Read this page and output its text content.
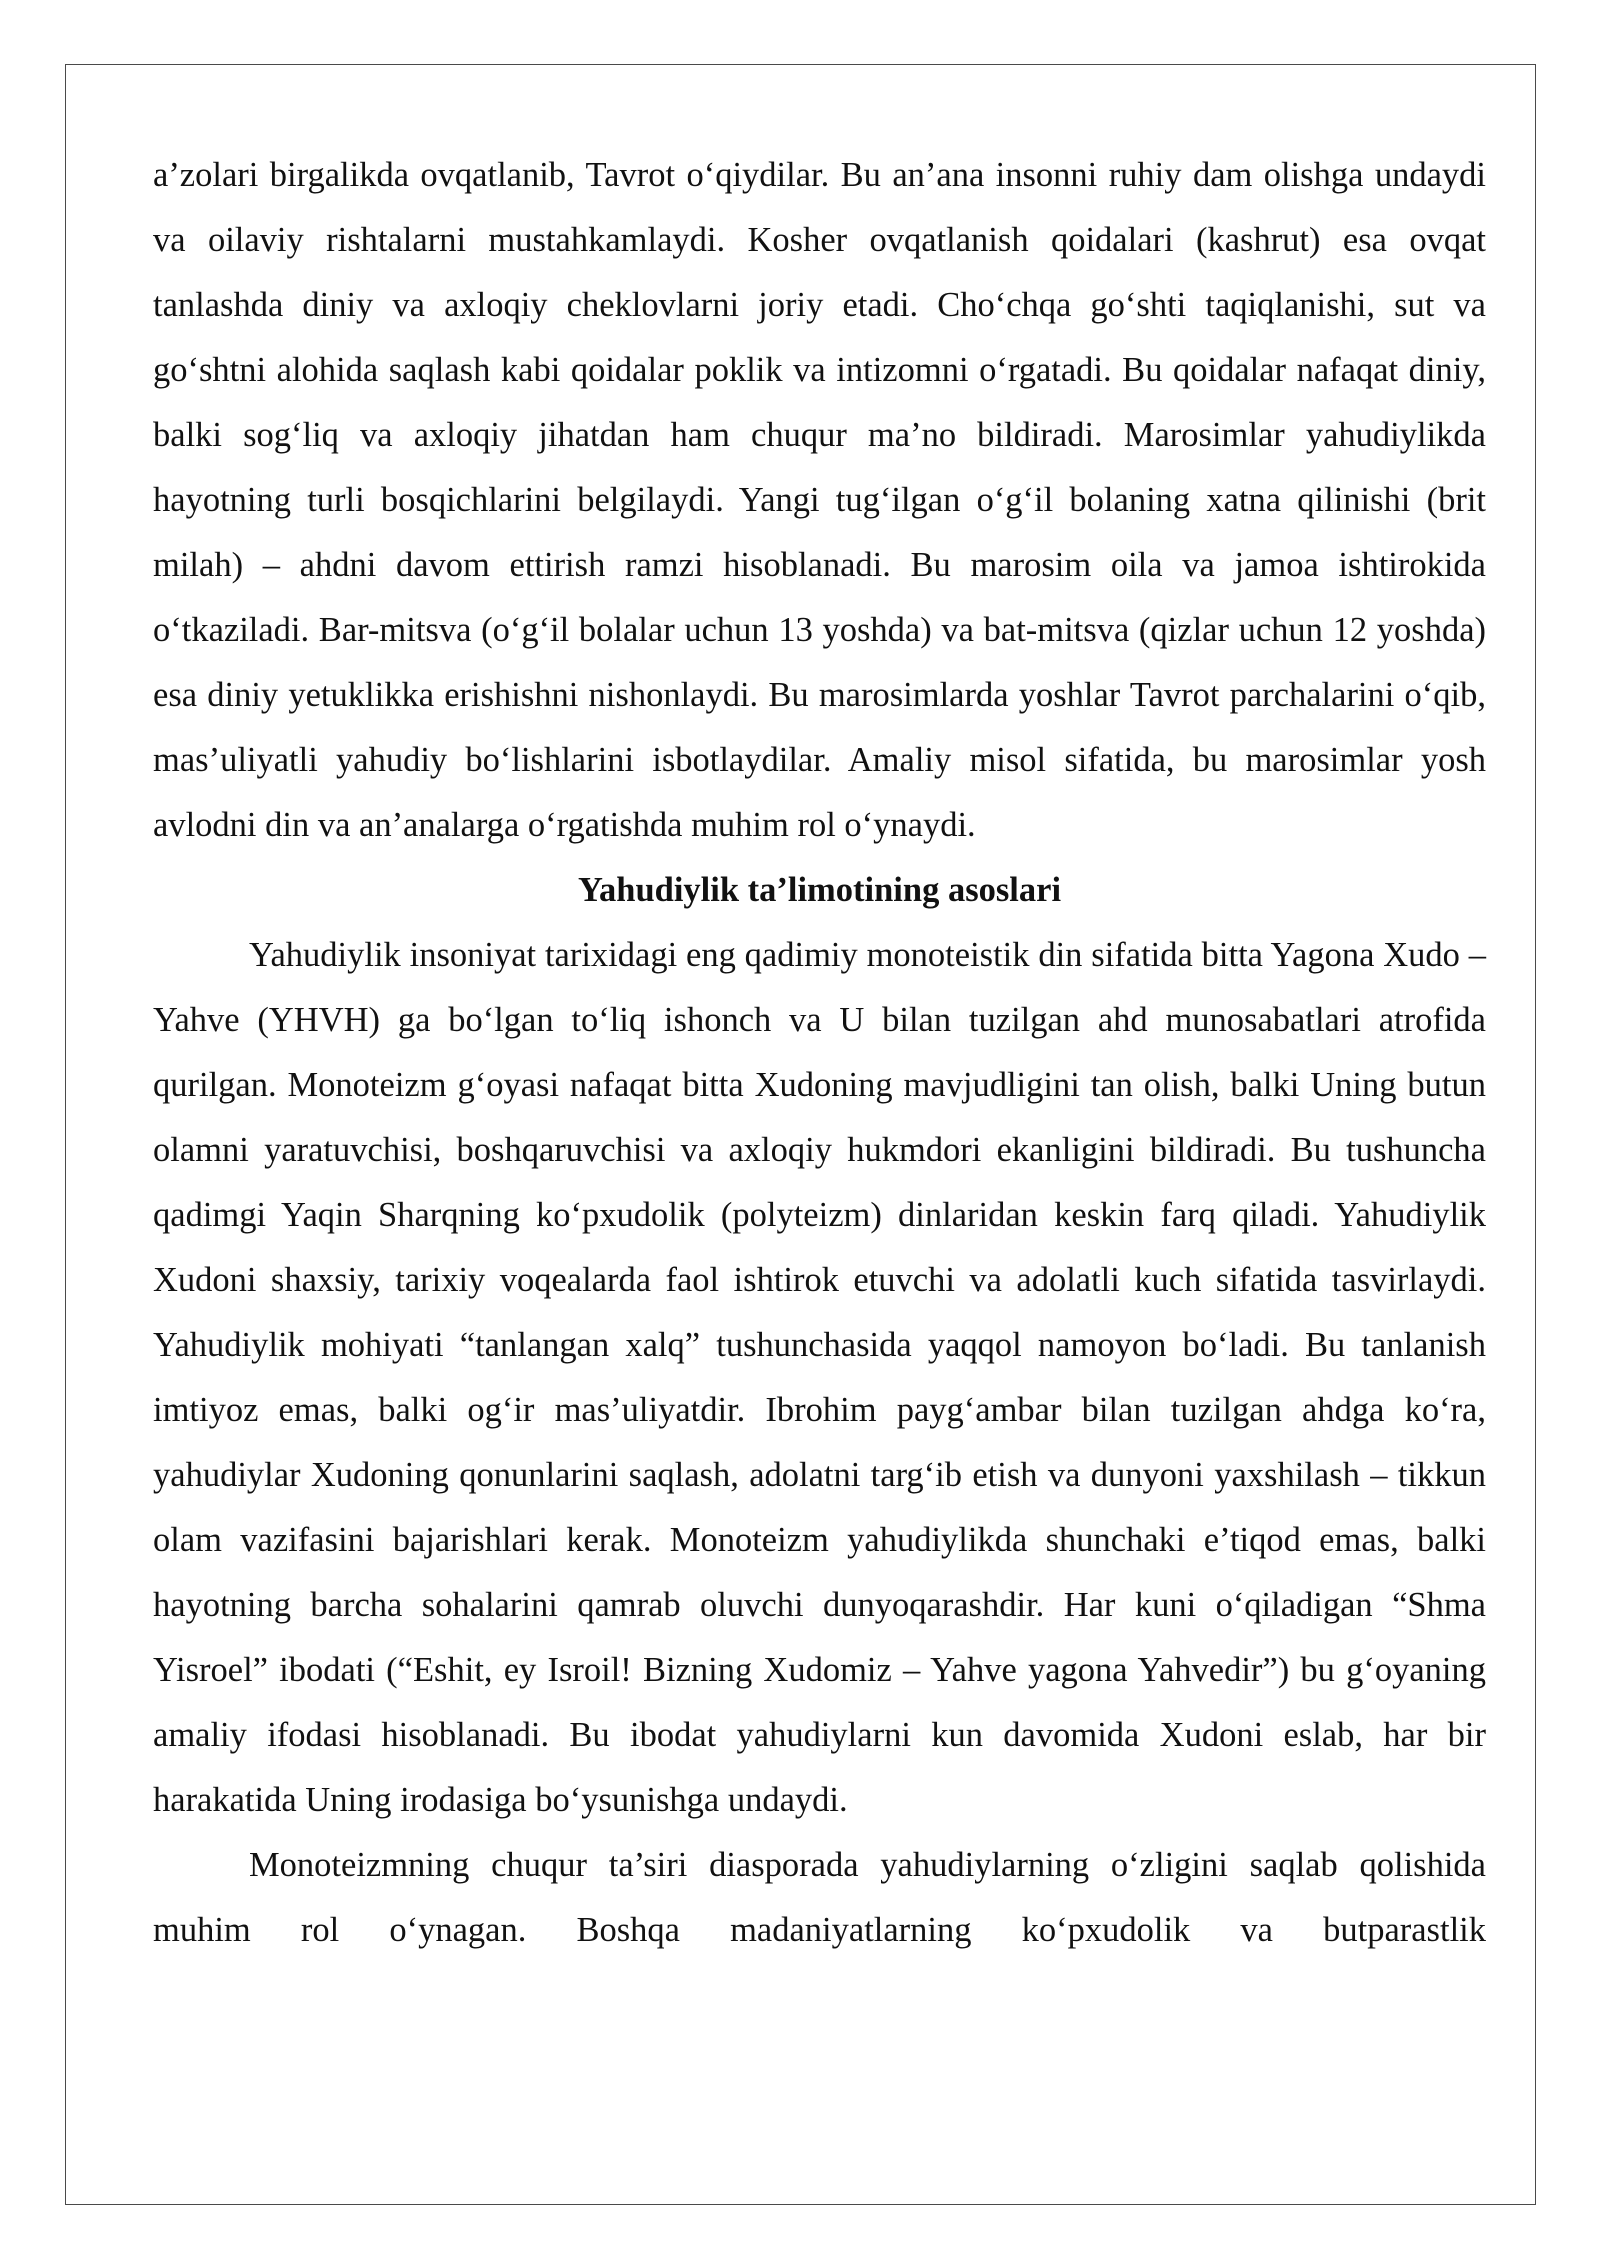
a’zolari birgalikda ovqatlanib, Tavrot o‘qiydilar. Bu an’ana insonni ruhiy dam olishga undaydi va oilaviy rishtalarni mustahkamlaydi. Kosher ovqatlanish qoidalari (kashrut) esa ovqat tanlashda diniy va axloqiy cheklovlarni joriy etadi. Cho‘chqa go‘shti taqiqlanishi, sut va go‘shtni alohida saqlash kabi qoidalar poklik va intizomni o‘rgatadi. Bu qoidalar nafaqat diniy, balki sog‘liq va axloqiy jihatdan ham chuqur ma’no bildiradi. Marosimlar yahudiylikda hayotning turli bosqichlarini belgilaydi. Yangi tug‘ilgan o‘g‘il bolaning xatna qilinishi (brit milah) – ahdni davom ettirish ramzi hisoblanadi. Bu marosim oila va jamoa ishtirokida o‘tkaziladi. Bar-mitsva (o‘g‘il bolalar uchun 13 yoshda) va bat-mitsva (qizlar uchun 12 yoshda) esa diniy yetuklikka erishishni nishonlaydi. Bu marosimlarda yoshlar Tavrot parchalarini o‘qib, mas’uliyatli yahudiy bo‘lishlarini isbotlaydilar. Amaliy misol sifatida, bu marosimlar yosh avlodni din va an’analarga o‘rgatishda muhim rol o‘ynaydi.

Yahudiylik ta’limotining asoslari

Yahudiylik insoniyat tarixidagi eng qadimiy monoteistik din sifatida bitta Yagona Xudo – Yahve (YHVH) ga bo‘lgan to‘liq ishonch va U bilan tuzilgan ahd munosabatlari atrofida qurilgan. Monoteizm g‘oyasi nafaqat bitta Xudoning mavjudligini tan olish, balki Uning butun olamni yaratuvchisi, boshqaruvchisi va axloqiy hukmdori ekanligini bildiradi. Bu tushuncha qadimgi Yaqin Sharqning ko‘pxudolik (polyteizm) dinlaridan keskin farq qiladi. Yahudiylik Xudoni shaxsiy, tarixiy voqealarda faol ishtirok etuvchi va adolatli kuch sifatida tasvirlaydi. Yahudiylik mohiyati “tanlangan xalq” tushunchasida yaqqol namoyon bo‘ladi. Bu tanlanish imtiyoz emas, balki og‘ir mas’uliyatdir. Ibrohim payg‘ambar bilan tuzilgan ahdga ko‘ra, yahudiylar Xudoning qonunlarini saqlash, adolatni targ‘ib etish va dunyoni yaxshilash – tikkun olam vazifasini bajarishlari kerak. Monoteizm yahudiylikda shunchaki e’tiqod emas, balki hayotning barcha sohalarini qamrab oluvchi dunyoqarashdir. Har kuni o‘qiladigan “Shma Yisroel” ibodati (“Eshit, ey Isroil! Bizning Xudomiz – Yahve yagona Yahvedir”) bu g‘oyaning amaliy ifodasi hisoblanadi. Bu ibodat yahudiylarni kun davomida Xudoni eslab, har bir harakatida Uning irodasiga bo‘ysunishga undaydi.

Monoteizmning chuqur ta’siri diasporada yahudiylarning o‘zligini saqlab qolishida muhim rol o‘ynagan. Boshqa madaniyatlarning ko‘pxudolik va butparastlik
